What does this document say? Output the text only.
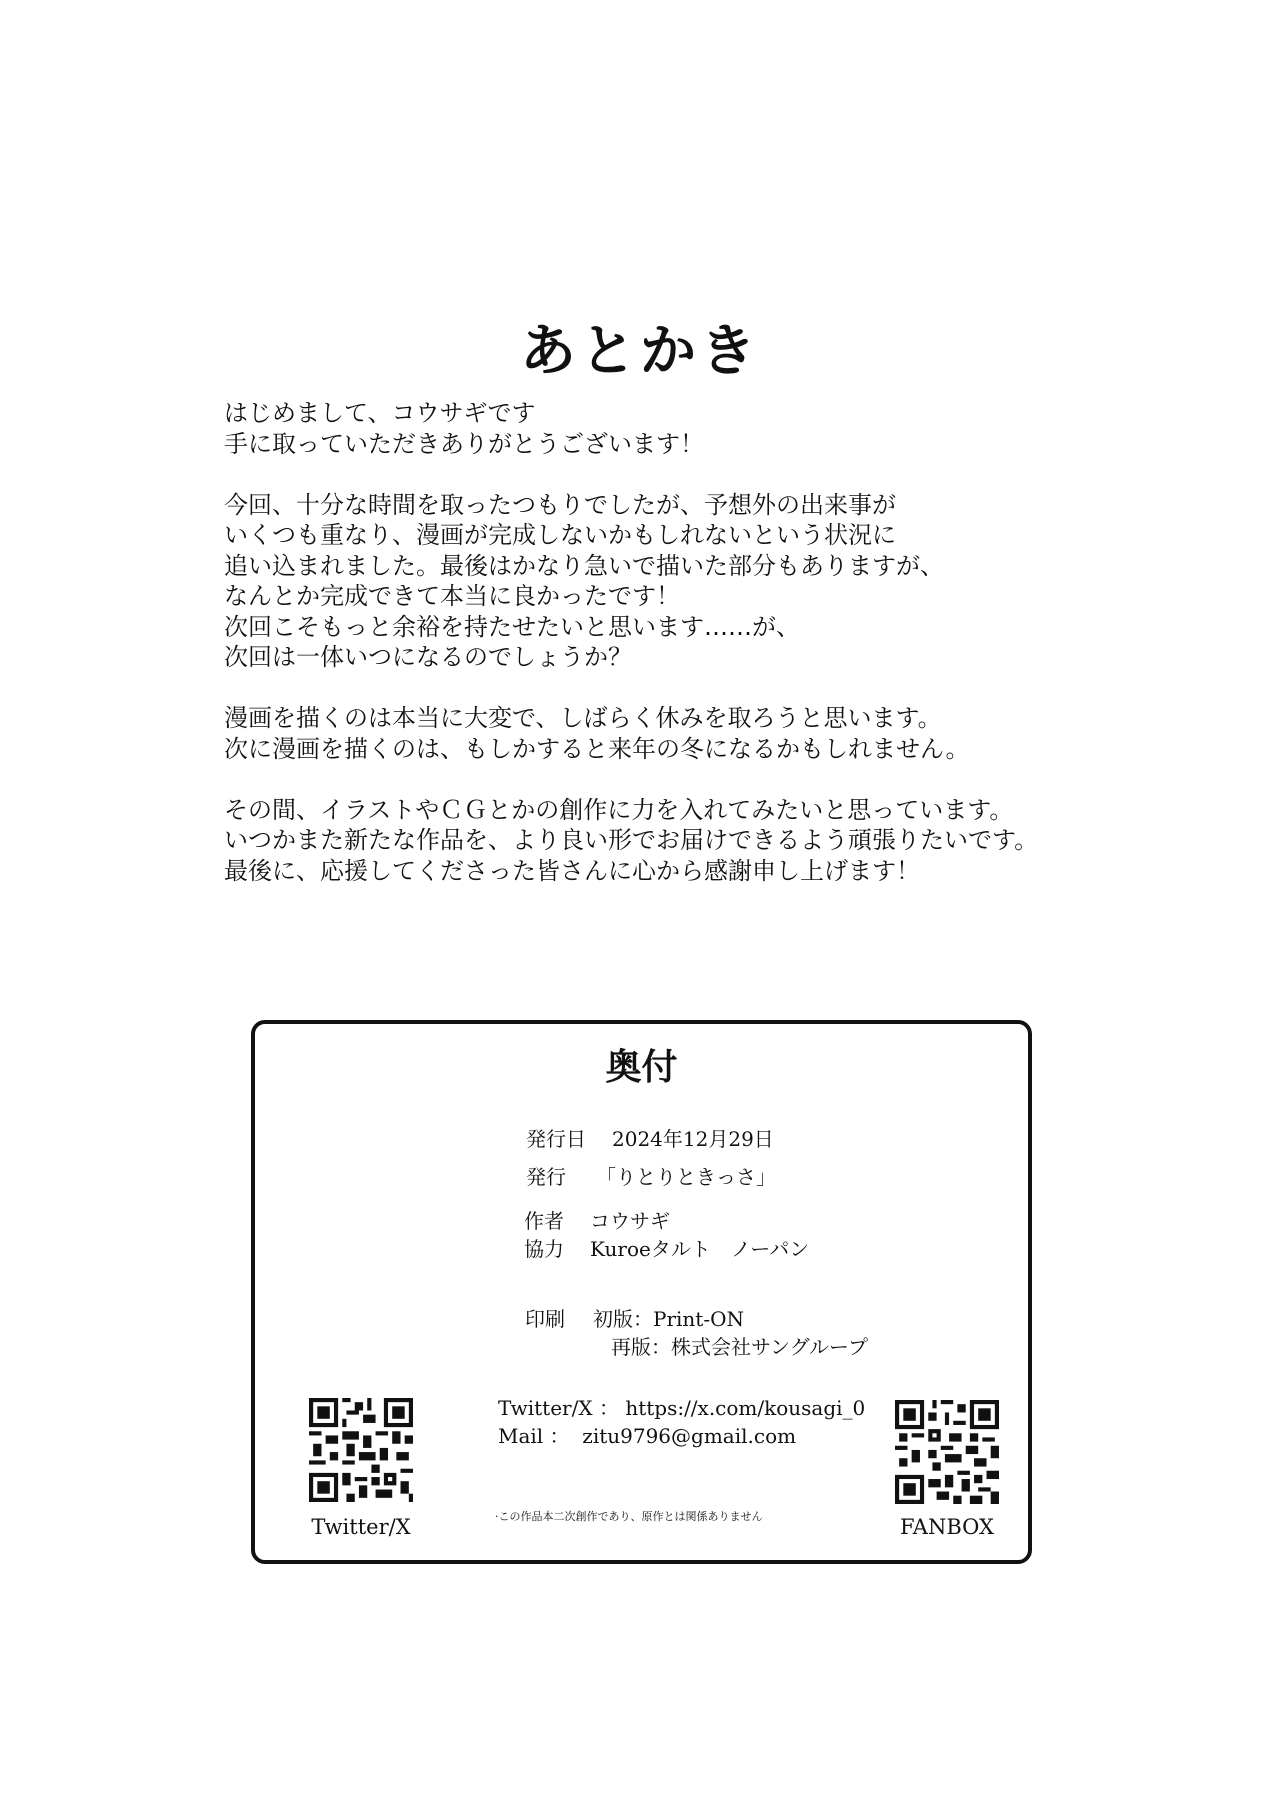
あとかき
はじめまして、コウサギです
手に取っていただきありがとうございます！
今回、十分な時間を取ったつもりでしたが、予想外の出来事が
いくつも重なり、漫画が完成しないかもしれないという状況に
追い込まれました。最後はかなり急いで描いた部分もありますが、
なんとか完成できて本当に良かったです！
次回こそもっと余裕を持たせたいと思います……が、
次回は一体いつになるのでしょうか？
漫画を描くのは本当に大変で、しばらく休みを取ろうと思います。
次に漫画を描くのは、もしかすると来年の冬になるかもしれません。
その間、イラストやＣＧとかの創作に力を入れてみたいと思っています。
いつかまた新たな作品を、より良い形でお届けできるよう頑張りたいです。
最後に、応援してくださった皆さんに心から感謝申し上げます！
奥付
発行日 2024年12月29日
発行 「りとりときっさ」
作者 コウサギ
協力 Kuroeタルト　ノーパン
印刷 初版：Print-ON
再版：株式会社サングループ
Twitter/X ： https://x.com/kousagi_0
Mail ： zitu9796@gmail.com
·この作品本二次創作であり、原作とは関係ありません
Twitter/X	FANBOX
